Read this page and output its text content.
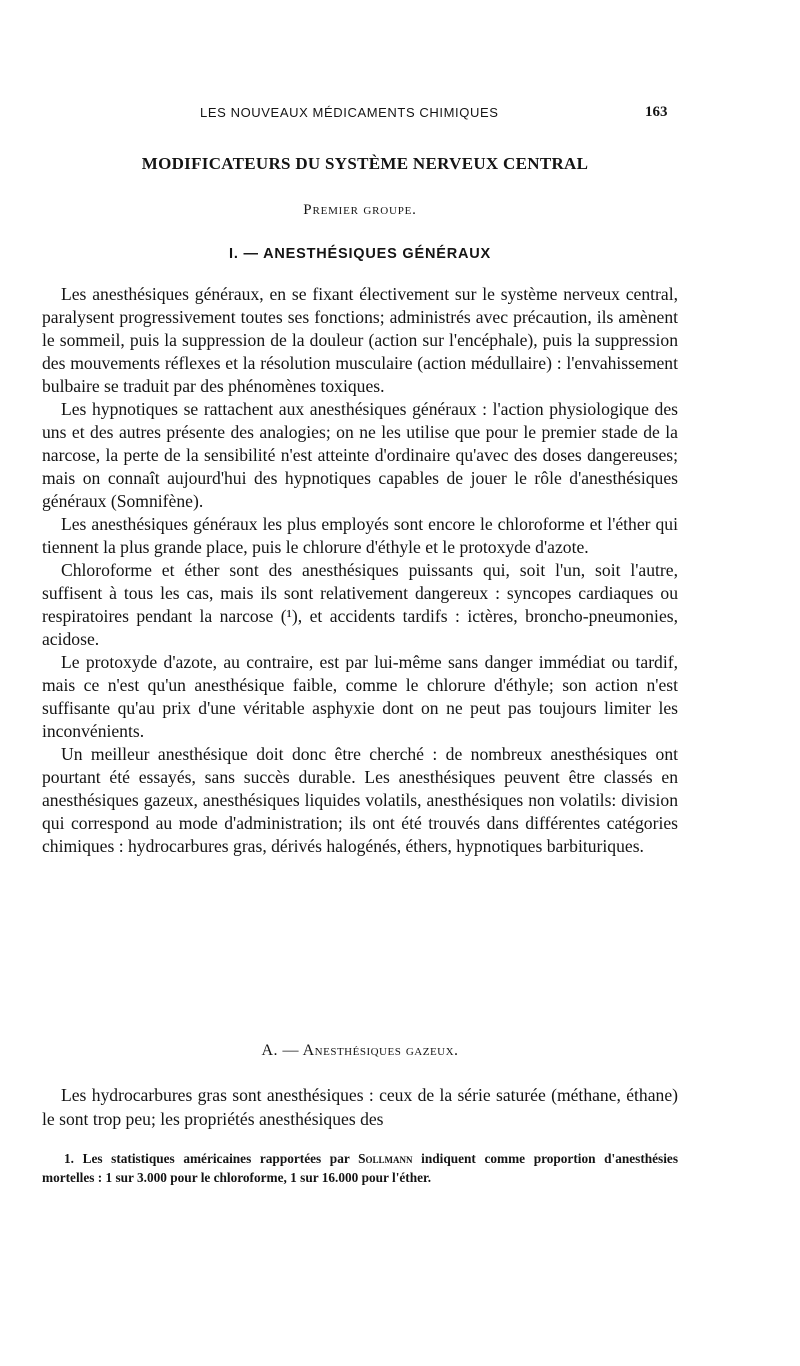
LES NOUVEAUX MÉDICAMENTS CHIMIQUES	163
MODIFICATEURS DU SYSTÈME NERVEUX CENTRAL
Premier groupe.
I. — ANESTHÉSIQUES GÉNÉRAUX

Les anesthésiques généraux, en se fixant électivement sur le système nerveux central, paralysent progressivement toutes ses fonctions; administrés avec précaution, ils amènent le sommeil, puis la suppression de la douleur (action sur l'encéphale), puis la suppression des mouvements réflexes et la résolution musculaire (action médullaire) : l'envahissement bulbaire se traduit par des phénomènes toxiques.

Les hypnotiques se rattachent aux anesthésiques généraux : l'action physiologique des uns et des autres présente des analogies; on ne les utilise que pour le premier stade de la narcose, la perte de la sensibilité n'est atteinte d'ordinaire qu'avec des doses dangereuses; mais on connaît aujourd'hui des hypnotiques capables de jouer le rôle d'anesthésiques généraux (Somnifène).

Les anesthésiques généraux les plus employés sont encore le chloroforme et l'éther qui tiennent la plus grande place, puis le chlorure d'éthyle et le protoxyde d'azote.

Chloroforme et éther sont des anesthésiques puissants qui, soit l'un, soit l'autre, suffisent à tous les cas, mais ils sont relativement dangereux : syncopes cardiaques ou respiratoires pendant la narcose (¹), et accidents tardifs : ictères, broncho-pneumonies, acidose.

Le protoxyde d'azote, au contraire, est par lui-même sans danger immédiat ou tardif, mais ce n'est qu'un anesthésique faible, comme le chlorure d'éthyle; son action n'est suffisante qu'au prix d'une véritable asphyxie dont on ne peut pas toujours limiter les inconvénients.

Un meilleur anesthésique doit donc être cherché : de nombreux anesthésiques ont pourtant été essayés, sans succès durable. Les anesthésiques peuvent être classés en anesthésiques gazeux, anesthésiques liquides volatils, anesthésiques non volatils: division qui correspond au mode d'administration; ils ont été trouvés dans différentes catégories chimiques : hydrocarbures gras, dérivés halogénés, éthers, hypnotiques barbituriques.

A. — Anesthésiques gazeux.

Les hydrocarbures gras sont anesthésiques : ceux de la série saturée (méthane, éthane) le sont trop peu; les propriétés anesthésiques des

1. Les statistiques américaines rapportées par Sollmann indiquent comme proportion d'anesthésies mortelles : 1 sur 3.000 pour le chloroforme, 1 sur 16.000 pour l'éther.
